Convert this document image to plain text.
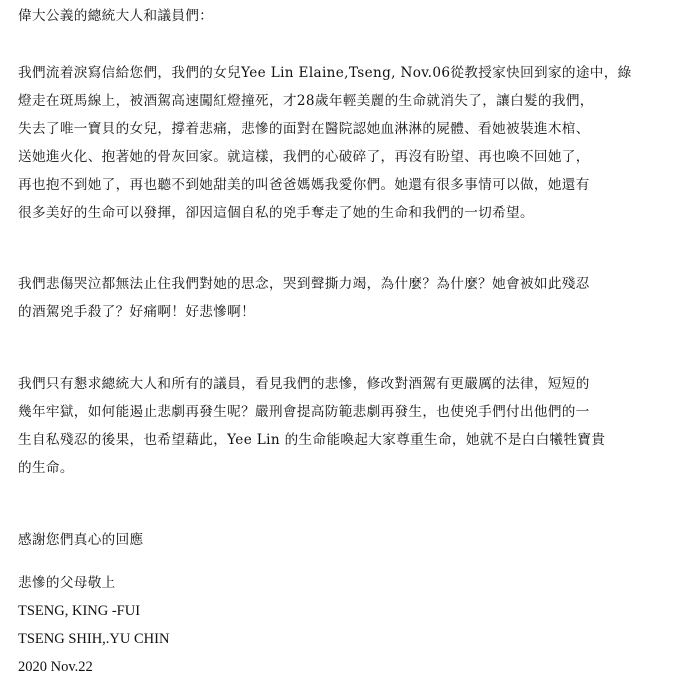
偉大公義的總統大人和議員們：
我們流着淚寫信給您們，我們的女兒Yee Lin Elaine,Tseng, Nov.06從教授家快回到家的途中，綠
燈走在斑馬線上，被酒駕高速闖紅燈撞死，才28歲年輕美麗的生命就消失了，讓白髮的我們，
失去了唯一寶貝的女兒，撐着悲痛，悲慘的面對在醫院認她血淋淋的屍體、看她被裝進木棺、
送她進火化、抱著她的骨灰回家。就這樣，我們的心破碎了，再沒有盼望、再也喚不回她了，
再也抱不到她了，再也聽不到她甜美的叫爸爸媽媽我愛你們。她還有很多事情可以做，她還有
很多美好的生命可以發揮，卻因這個自私的兇手奪走了她的生命和我們的一切希望。
我們悲傷哭泣都無法止住我們對她的思念，哭到聲撕力竭，為什麼？為什麼？她會被如此殘忍
的酒駕兇手殺了？好痛啊！好悲慘啊！
我們只有懇求總統大人和所有的議員，看見我們的悲慘，修改對酒駕有更嚴厲的法律，短短的
幾年牢獄，如何能遏止悲劇再發生呢？嚴刑會提高防範悲劇再發生，也使兇手們付出他們的一
生自私殘忍的後果，也希望藉此，Yee Lin 的生命能喚起大家尊重生命，她就不是白白犧牲寶貴
的生命。
感謝您們真心的回應
悲慘的父母敬上
TSENG, KING -FUI
TSENG SHIH,.YU CHIN
2020 Nov.22
